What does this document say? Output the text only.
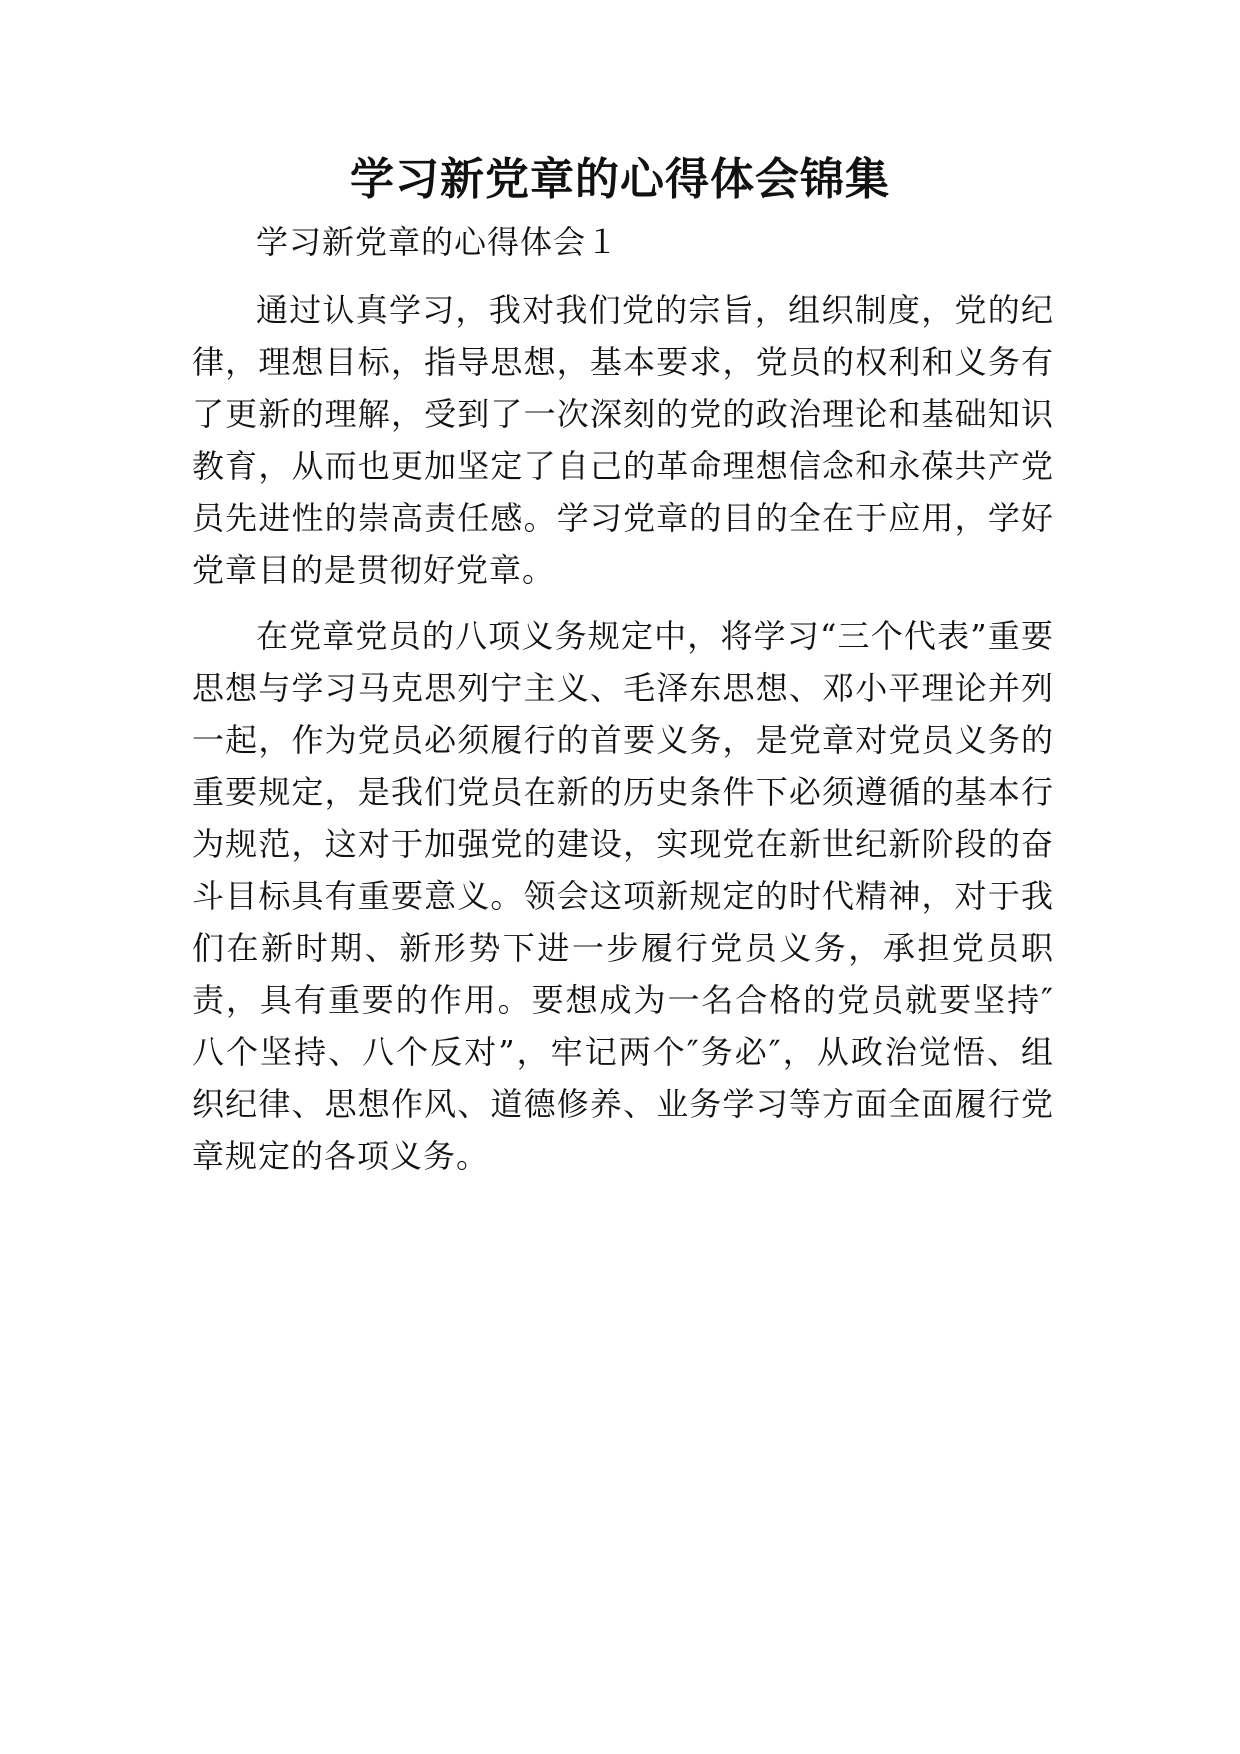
学习新党章的心得体会锦集

学习新党章的心得体会１

通过认真学习，我对我们党的宗旨，组织制度，党的纪律，理想目标，指导思想，基本要求，党员的权利和义务有了更新的理解，受到了一次深刻的党的政治理论和基础知识教育，从而也更加坚定了自己的革命理想信念和永葆共产党员先进性的崇高责任感。学习党章的目的全在于应用，学好党章目的是贯彻好党章。

在党章党员的八项义务规定中，将学习“三个代表”重要思想与学习马克思列宁主义、毛泽东思想、邓小平理论并列一起，作为党员必须履行的首要义务，是党章对党员义务的重要规定，是我们党员在新的历史条件下必须遵循的基本行为规范，这对于加强党的建设，实现党在新世纪新阶段的奋斗目标具有重要意义。领会这项新规定的时代精神，对于我们在新时期、新形势下进一步履行党员义务，承担党员职责，具有重要的作用。要想成为一名合格的党员就要坚持″八个坚持、八个反对”，牢记两个″务必″，从政治觉悟、组织纪律、思想作风、道德修养、业务学习等方面全面履行党章规定的各项义务。
